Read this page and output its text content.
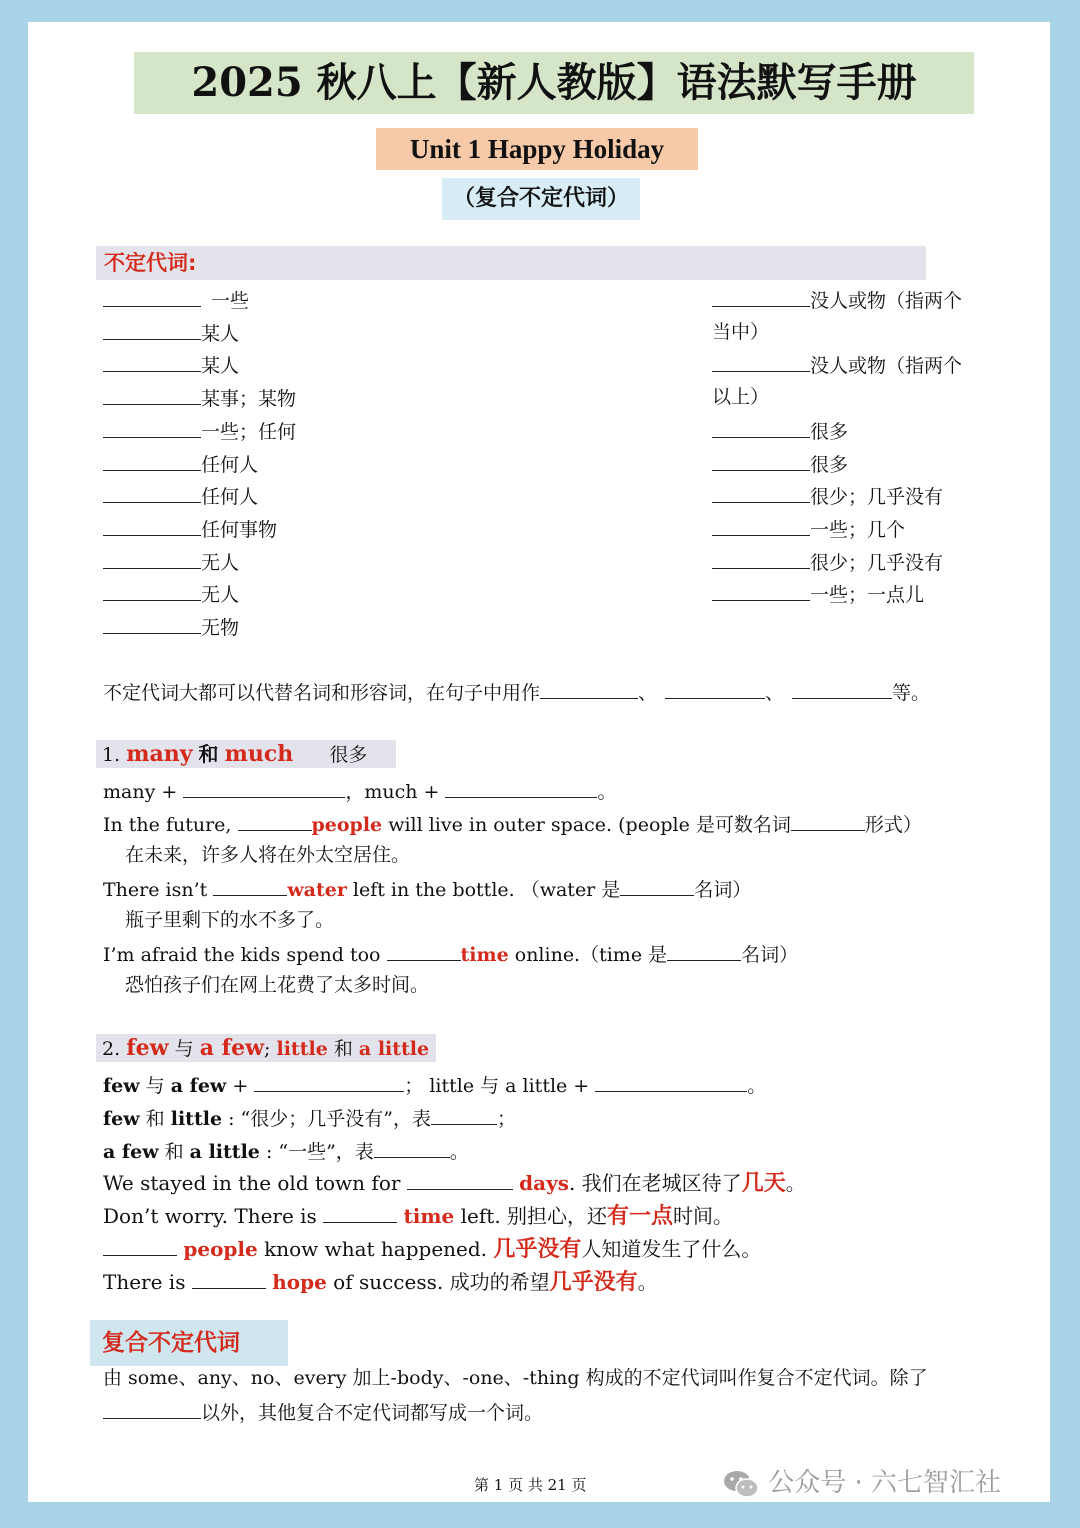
2025 秋八上【新人教版】语法默写手册
Unit 1 Happy Holiday
（复合不定代词）
不定代词:
一些
某人
某人
某事；某物
一些；任何
任何人
任何人
任何事物
无人
无人
无物
没人或物（指两个
当中）
没人或物（指两个
以上）
很多
很多
很少；几乎没有
一些；几个
很少；几乎没有
一些；一点儿
不定代词大都可以代替名词和形容词，在句子中用作	、	、	等。
1. many 和 much 很多
many +	，much +	。
In the future,	people will live in outer space. (people 是可数名词	形式）
在未来，许多人将在外太空居住。
There isn’t	water left in the bottle. （water 是	名词）
瓶子里剩下的水不多了。
I’m afraid the kids spend too	time online.（time 是	名词）
恐怕孩子们在网上花费了太多时间。
2. few 与 a few; little 和 a little
few 与 a few +	； little 与 a little +	。
few 和 little : “很少；几乎没有”，表	；
a few 和 a little : “一些”，表	。
We stayed in the old town for	days. 我们在老城区待了几天。
Don’t worry. There is	time left. 别担心，还有一点时间。
people know what happened. 几乎没有人知道发生了什么。
There is	hope of success. 成功的希望几乎没有。
复合不定代词
由 some、any、no、every 加上-body、-one、-thing 构成的不定代词叫作复合不定代词。除了
以外，其他复合不定代词都写成一个词。
第 1 页 共 21 页	公众号 · 六七智汇社
